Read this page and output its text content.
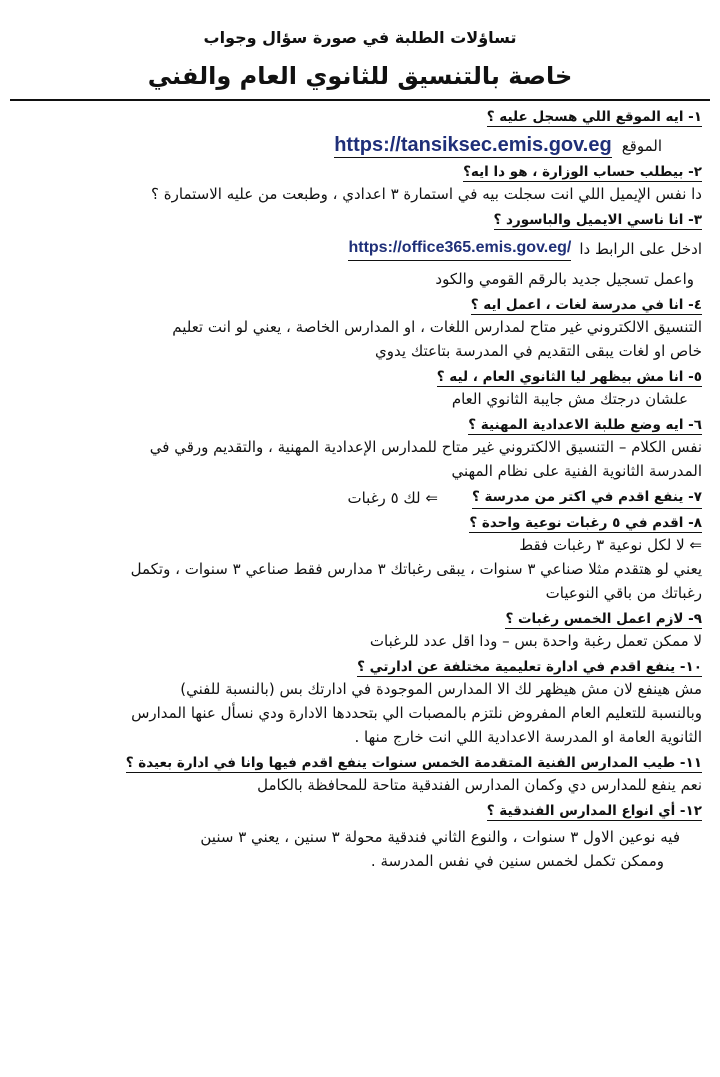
تساؤلات الطلبة في صورة سؤال وجواب
خاصة بالتنسيق للثانوي العام والفني
١- ايه الموقع اللي هسجل عليه ؟
الموقع
https://tansiksec.emis.gov.eg
٢- بيطلب حساب الوزارة ، هو دا ايه؟
دا نفس الإيميل اللي انت سجلت بيه في استمارة ٣ اعدادي ، وطبعت من عليه الاستمارة ؟
٣- انا ناسي الايميل والباسورد ؟
ادخل على الرابط دا
https://office365.emis.gov.eg/
واعمل تسجيل جديد بالرقم القومي والكود
٤- انا في مدرسة لغات ، اعمل ايه ؟
التنسيق الالكتروني غير متاح لمدارس اللغات ، او المدارس الخاصة ، يعني لو انت تعليم
خاص او لغات يبقى التقديم في المدرسة بتاعتك يدوي
٥- انا مش بيظهر ليا الثانوي العام ، ليه ؟
علشان درجتك مش جايبة الثانوي العام
٦- ايه وضع طلبة الاعدادية المهنية ؟
نفس الكلام – التنسيق الالكتروني غير متاح للمدارس الإعدادية المهنية ، والتقديم ورقي في
المدرسة الثانوية الفنية على نظام المهني
٧- ينفع اقدم في اكتر من مدرسة ؟
⇐ لك ٥ رغبات
٨- اقدم في ٥ رغبات نوعية واحدة ؟
⇐ لا لكل نوعية ٣ رغبات فقط
يعني لو هتقدم مثلا صناعي ٣ سنوات ، يبقى رغباتك ٣ مدارس فقط صناعي ٣ سنوات ، وتكمل
رغباتك من باقي النوعيات
٩- لازم اعمل الخمس رغبات ؟
لا ممكن تعمل رغبة واحدة بس – ودا اقل عدد للرغبات
١٠- ينفع اقدم في ادارة تعليمية مختلفة عن ادارتي ؟
مش هينفع لان مش هيظهر لك الا المدارس الموجودة في ادارتك بس (بالنسبة للفني)
وبالنسبة للتعليم العام المفروض نلتزم بالمصبات الي بتحددها الادارة ودي نسأل عنها المدارس
الثانوية العامة او المدرسة الاعدادية اللي انت خارج منها .
١١- طيب المدارس الفنية المتقدمة الخمس سنوات ينفع اقدم فيها وانا في ادارة بعيدة ؟
نعم ينفع للمدارس دي وكمان المدارس الفندقية متاحة للمحافظة بالكامل
١٢- أي انواع المدارس الفندقية ؟
فيه نوعين الاول ٣ سنوات ، والنوع الثاني فندقية محولة ٣ سنين ، يعني ٣ سنين
وممكن تكمل لخمس سنين في نفس المدرسة .
